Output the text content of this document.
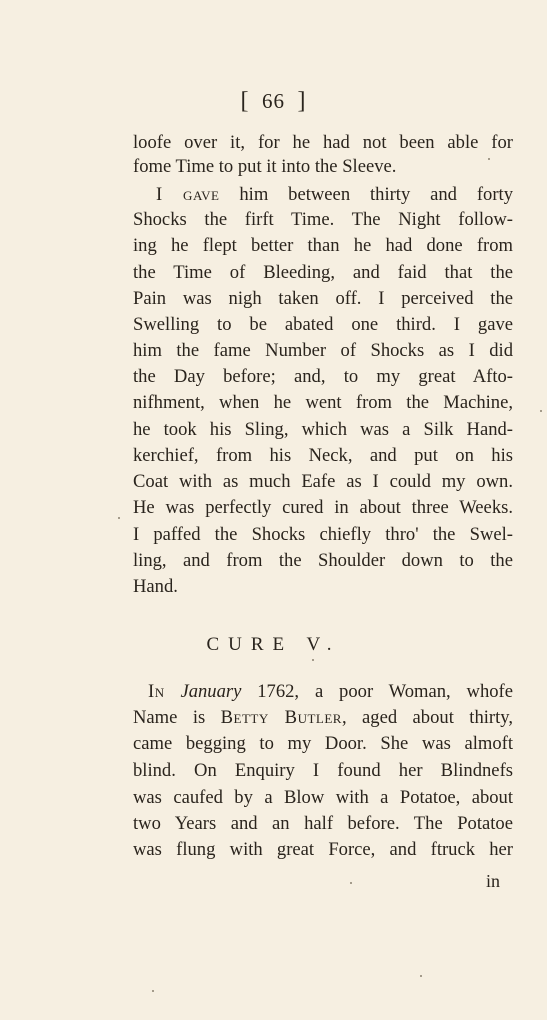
[ 66 ]
loofe over it, for he had not been able for
fome Time to put it into the Sleeve.
I gave him between thirty and forty
Shocks the firft Time. The Night follow-
ing he flept better than he had done from
the Time of Bleeding, and faid that the
Pain was nigh taken off. I perceived the
Swelling to be abated one third. I gave
him the fame Number of Shocks as I did
the Day before; and, to my great Afto-
nifhment, when he went from the Machine,
he took his Sling, which was a Silk Hand-
kerchief, from his Neck, and put on his
Coat with as much Eafe as I could my own.
He was perfectly cured in about three Weeks.
I paffed the Shocks chiefly thro' the Swel-
ling, and from the Shoulder down to the
Hand.
CURE V.
In January 1762, a poor Woman, whofe
Name is Betty Butler, aged about thirty,
came begging to my Door. She was almoft
blind. On Enquiry I found her Blindnefs
was caufed by a Blow with a Potatoe, about
two Years and an half before. The Potatoe
was flung with great Force, and ftruck her
in
